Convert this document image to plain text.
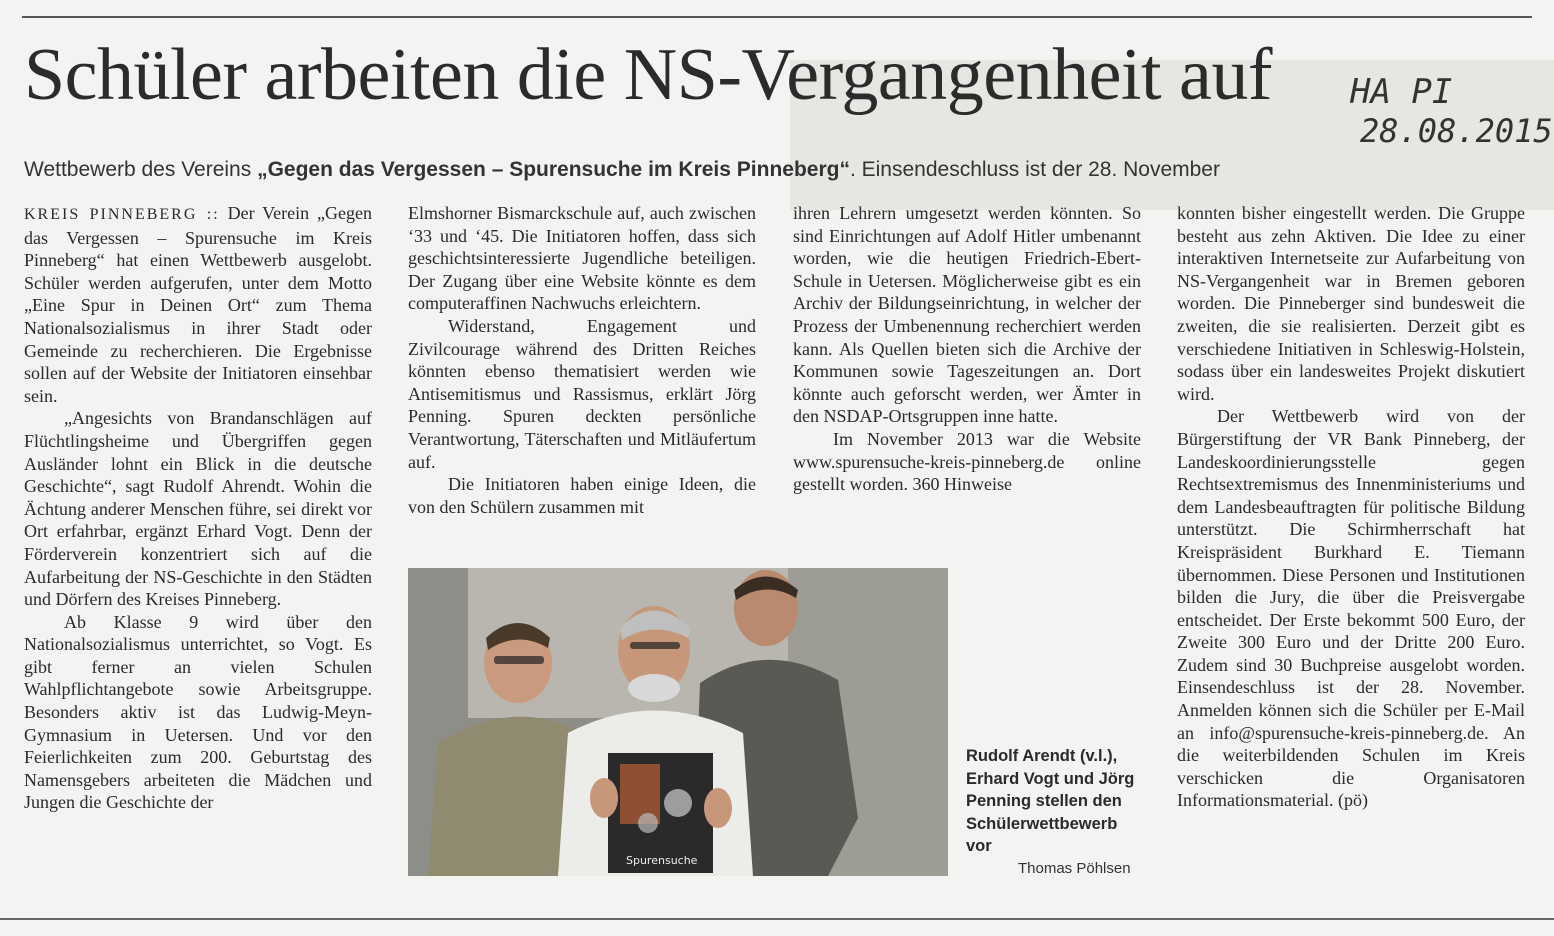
Schüler arbeiten die NS-Vergangenheit auf HA PI
28.08.2015
Wettbewerb des Vereins „Gegen das Vergessen – Spurensuche im Kreis Pinneberg“. Einsendeschluss ist der 28. November

KREIS PINNEBERG :: Der Verein „Gegen das Vergessen – Spurensuche im Kreis Pinneberg“ hat einen Wettbewerb ausgelobt. Schüler werden aufgerufen, unter dem Motto „Eine Spur in Deinen Ort“ zum Thema Nationalsozialismus in ihrer Stadt oder Gemeinde zu recherchieren. Die Ergebnisse sollen auf der Website der Initiatoren einsehbar sein.

„Angesichts von Brandanschlägen auf Flüchtlingsheime und Übergriffen gegen Ausländer lohnt ein Blick in die deutsche Geschichte“, sagt Rudolf Ahrendt. Wohin die Ächtung anderer Menschen führe, sei direkt vor Ort erfahrbar, ergänzt Erhard Vogt. Denn der Förderverein konzentriert sich auf die Aufarbeitung der NS-Geschichte in den Städten und Dörfern des Kreises Pinneberg.

Ab Klasse 9 wird über den Nationalsozialismus unterrichtet, so Vogt. Es gibt ferner an vielen Schulen Wahlpflichtangebote sowie Arbeitsgruppe. Besonders aktiv ist das Ludwig-Meyn-Gymnasium in Uetersen. Und vor den Feierlichkeiten zum 200. Geburtstag des Namensgebers arbeiteten die Mädchen und Jungen die Geschichte der

Elmshorner Bismarckschule auf, auch zwischen ‘33 und ‘45. Die Initiatoren hoffen, dass sich geschichtsinteressierte Jugendliche beteiligen. Der Zugang über eine Website könnte es dem computeraffinen Nachwuchs erleichtern.

Widerstand, Engagement und Zivilcourage während des Dritten Reiches könnten ebenso thematisiert werden wie Antisemitismus und Rassismus, erklärt Jörg Penning. Spuren deckten persönliche Verantwortung, Täterschaften und Mitläufertum auf.

Die Initiatoren haben einige Ideen, die von den Schülern zusammen mit

ihren Lehrern umgesetzt werden könnten. So sind Einrichtungen auf Adolf Hitler umbenannt worden, wie die heutigen Friedrich-Ebert-Schule in Uetersen. Möglicherweise gibt es ein Archiv der Bildungseinrichtung, in welcher der Prozess der Umbenennung recherchiert werden kann. Als Quellen bieten sich die Archive der Kommunen sowie Tageszeitungen an. Dort könnte auch geforscht werden, wer Ämter in den NSDAP-Ortsgruppen inne hatte.

Im November 2013 war die Website www.spurensuche-kreis-pinneberg.de online gestellt worden. 360 Hinweise

konnten bisher eingestellt werden. Die Gruppe besteht aus zehn Aktiven. Die Idee zu einer interaktiven Internetseite zur Aufarbeitung von NS-Vergangenheit war in Bremen geboren worden. Die Pinneberger sind bundesweit die zweiten, die sie realisierten. Derzeit gibt es verschiedene Initiativen in Schleswig-Holstein, sodass über ein landesweites Projekt diskutiert wird.

Der Wettbewerb wird von der Bürgerstiftung der VR Bank Pinneberg, der Landeskoordinierungsstelle gegen Rechtsextremismus des Innenministeriums und dem Landesbeauftragten für politische Bildung unterstützt. Die Schirmherrschaft hat Kreispräsident Burkhard E. Tiemann übernommen. Diese Personen und Institutionen bilden die Jury, die über die Preisvergabe entscheidet. Der Erste bekommt 500 Euro, der Zweite 300 Euro und der Dritte 200 Euro. Zudem sind 30 Buchpreise ausgelobt worden. Einsendeschluss ist der 28. November. Anmelden können sich die Schüler per E-Mail an info@spurensuche-kreis-pinneberg.de. An die weiterbildenden Schulen im Kreis verschicken die Organisatoren Informationsmaterial. (pö)

Spurensuche
Rudolf Arendt (v.l.), Erhard Vogt und Jörg Penning stellen den Schülerwettbewerb vor
Thomas Pöhlsen
